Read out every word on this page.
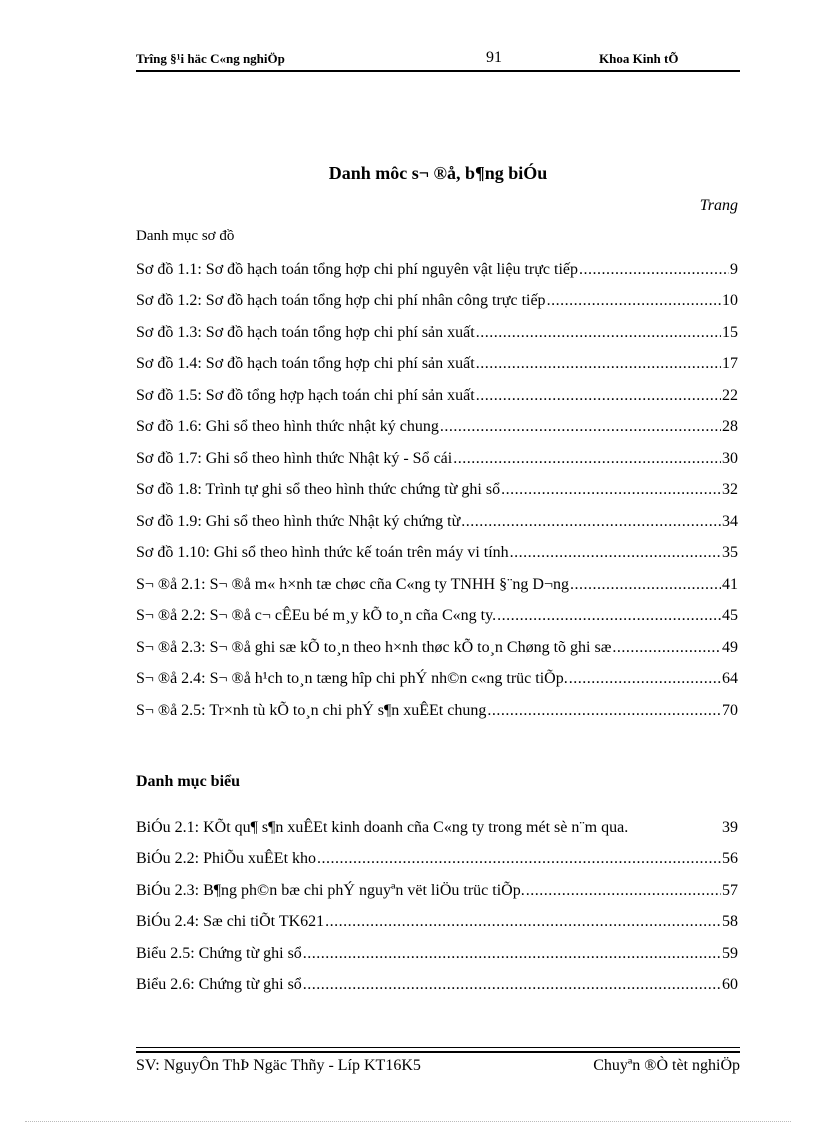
Trîng §¹i häc C«ng nghiÖp	91	Khoa Kinh tÕ
Danh môc s¬ ®å, b¶ng biÓu
Trang
Danh mục sơ đồ
Sơ đồ 1.1: Sơ đồ hạch toán tổng hợp chi phí nguyên vật liệu trực tiếp .....	9
Sơ đồ 1.2: Sơ đồ hạch toán tổng hợp chi phí nhân công trực tiếp .....	10
Sơ đồ 1.3: Sơ đồ hạch toán tổng hợp chi phí sản xuất .....	15
Sơ đồ 1.4: Sơ đồ hạch toán tổng hợp chi phí sản xuất .....	17
Sơ đồ 1.5: Sơ đồ tổng hợp hạch toán chi phí sản xuất .....	22
Sơ đồ 1.6: Ghi sổ theo hình thức nhật ký chung .....	28
Sơ đồ 1.7: Ghi sổ theo hình thức Nhật ký - Sổ cái .....	30
Sơ đồ 1.8: Trình tự ghi sổ theo hình thức chứng từ ghi sổ .....	32
Sơ đồ 1.9: Ghi sổ theo hình thức Nhật ký chứng từ .....	34
Sơ đồ 1.10: Ghi sổ theo hình thức kế toán trên máy vi tính .....	35
S¬ ®å 2.1: S¬ ®å m« h×nh tæ chøc cña C«ng ty TNHH §¨ng D¬ng .....	41
S¬ ®å 2.2: S¬ ®å c¬ cÊEu bé m¸y kÕ to¸n cña C«ng ty. .....	45
S¬ ®å 2.3: S¬ ®å ghi sæ kÕ to¸n theo h×nh thøc kÕ to¸n Chøng tõ ghi sæ .....	49
S¬ ®å 2.4: S¬ ®å h¹ch to¸n tæng hîp chi phÝ nh©n c«ng trüc tiÕp. .....	64
S¬ ®å 2.5: Tr×nh tù kÕ to¸n chi phÝ s¶n xuÊEt chung .....	70
Danh mục biểu
BiÓu 2.1: KÕt qu¶ s¶n xuÊEt kinh doanh cña C«ng ty trong mét sè n¨m qua.	39
BiÓu 2.2: PhiÕu xuÊEt kho .....	56
BiÓu 2.3: B¶ng ph©n bæ chi phÝ nguyªn vët liÖu trüc tiÕp. .....	57
BiÓu 2.4: Sæ chi tiÕt TK621 .....	58
Biểu 2.5: Chứng từ ghi sổ .....	59
Biểu 2.6: Chứng từ ghi sổ .....	60
SV: NguyÔn ThÞ Ngäc Thñy - Líp KT16K5	Chuyªn ®Ò tèt nghiÖp
